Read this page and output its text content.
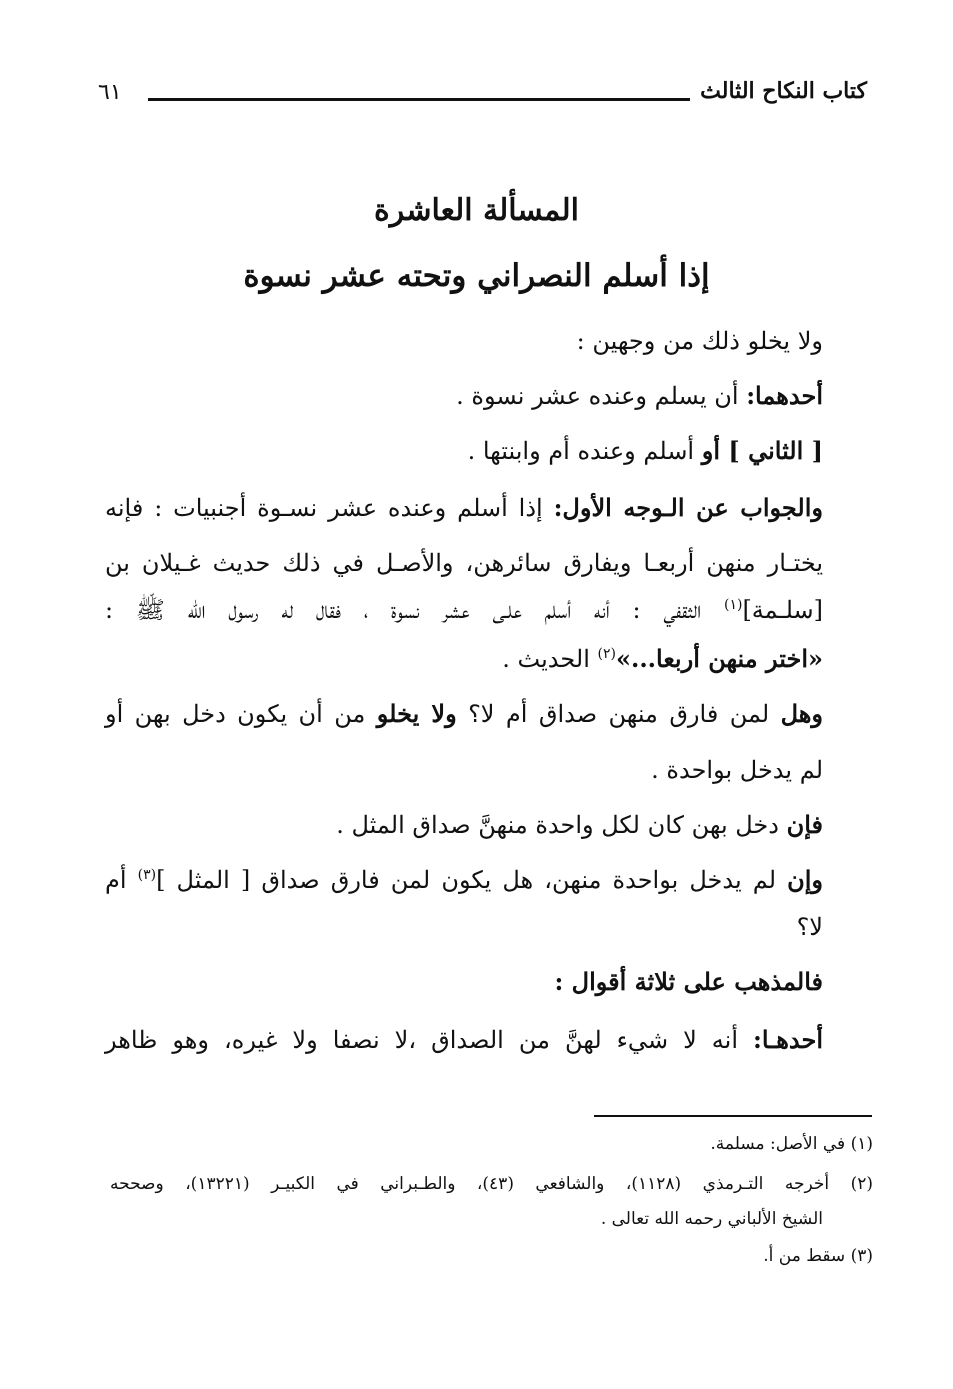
كتاب النكاح الثالث
٦١
المسألة العاشرة
إذا أسلم النصراني وتحته عشر نسوة
ولا يخلو ذلك من وجهين :
أحدهما: أن يسلم وعنده عشر نسوة .
[ الثاني ] أو أسلم وعنده أم وابنتها .
والجواب عن الـوجه الأول: إذا أسلم وعنده عشر نسـوة أجنبيات : فإنه
يختـار منهن أربعـا ويفارق سائرهن، والأصـل في ذلك حديث غـيلان بن
[سلـمة]$^{(١)}$ الثقفي : أنه أسلم علـى عشر نسوة ، فقال له رسول الله ﷺ :
«اختر منهن أربعا...»$^{(٢)}$ الحديث .
وهل لمن فارق منهن صداق أم لا؟ ولا يخلو من أن يكون دخل بهن أو
لم يدخل بواحدة .
فإن دخل بهن كان لكل واحدة منهنَّ صداق المثل .
وإن لم يدخل بواحدة منهن، هل يكون لمن فارق صداق [ المثل ]$^{(٣)}$ أم
لا؟
فالمذهب على ثلاثة أقوال :
أحدهـا: أنه لا شيء لهنَّ من الصداق ،لا نصفا ولا غيره، وهو ظاهر
(١) في الأصل: مسلمة.
(٢) أخرجه التـرمذي (١١٢٨)، والشافعي (٤٣)، والطـبراني في الكبيـر (١٣٢٢١)، وصححه
الشيخ الألباني رحمه الله تعالى .
(٣) سقط من أ.
